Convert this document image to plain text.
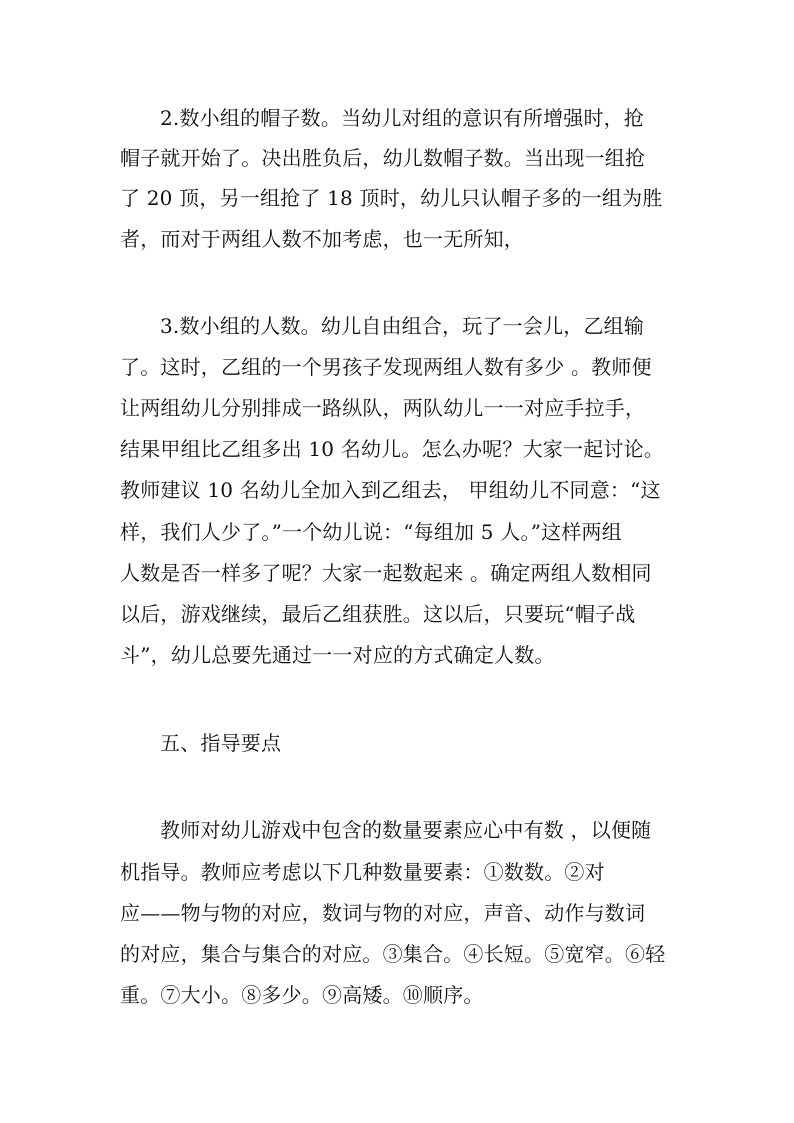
2.数小组的帽子数。当幼儿对组的意识有所增强时，抢
帽子就开始了。决出胜负后，幼儿数帽子数。当出现一组抢
了 20 顶，另一组抢了 18 顶时，幼儿只认帽子多的一组为胜
者，而对于两组人数不加考虑，也一无所知，
3.数小组的人数。幼儿自由组合，玩了一会儿，乙组输
了。这时，乙组的一个男孩子发现两组人数有多少 。教师便
让两组幼儿分别排成一路纵队，两队幼儿一一对应手拉手，
结果甲组比乙组多出 10 名幼儿。怎么办呢？大家一起讨论。
教师建议 10 名幼儿全加入到乙组去， 甲组幼儿不同意：“这
样，我们人少了。”一个幼儿说：“每组加 5 人。”这样两组
人数是否一样多了呢？大家一起数起来 。确定两组人数相同
以后，游戏继续，最后乙组获胜。这以后，只要玩“帽子战
斗”，幼儿总要先通过一一对应的方式确定人数。
五、指导要点
教师对幼儿游戏中包含的数量要素应心中有数 ，以便随
机指导。教师应考虑以下几种数量要素：①数数。②对
应——物与物的对应，数词与物的对应，声音、动作与数词
的对应，集合与集合的对应。③集合。④长短。⑤宽窄。⑥轻
重。⑦大小。⑧多少。⑨高矮。⑩顺序。
